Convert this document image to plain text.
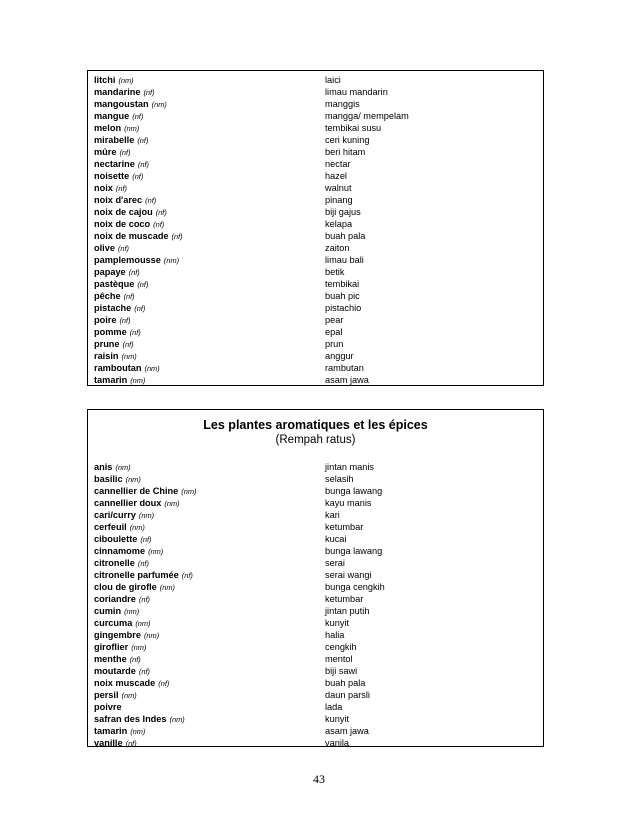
litchi (nm)	laici
mandarine (nf)	limau mandarin
mangoustan (nm)	manggis
mangue (nf)	mangga/ mempelam
melon (nm)	tembikai susu
mirabelle (nf)	ceri kuning
mûre (nf)	beri hitam
nectarine (nf)	nectar
noisette (nf)	hazel
noix (nf)	walnut
noix d'arec (nf)	pinang
noix de cajou (nf)	biji gajus
noix de coco (nf)	kelapa
noix de muscade (nf)	buah pala
olive (nf)	zaiton
pamplemousse (nm)	limau bali
papaye (nf)	betik
pastèque (nf)	tembikai
pêche (nf)	buah pic
pistache (nf)	pistachio
poire (nf)	pear
pomme (nf)	epal
prune (nf)	prun
raisin (nm)	anggur
ramboutan (nm)	rambutan
tamarin (nm)	asam jawa
Les plantes aromatiques et les épices
(Rempah ratus)
anis (nm)	jintan manis
basilic (nm)	selasih
cannellier de Chine (nm)	bunga lawang
cannellier doux (nm)	kayu manis
cari/curry (nm)	kari
cerfeuil (nm)	ketumbar
ciboulette (nf)	kucai
cinnamome (nm)	bunga lawang
citronelle (nf)	serai
citronelle parfumée (nf)	serai wangi
clou de girofle (nm)	bunga cengkih
coriandre (nf)	ketumbar
cumin (nm)	jintan putih
curcuma (nm)	kunyit
gingembre (nm)	halia
giroflier (nm)	cengkih
menthe (nf)	mentol
moutarde (nf)	biji sawi
noix muscade (nf)	buah pala
persil (nm)	daun parsli
poivre	lada
safran des Indes (nm)	kunyit
tamarin (nm)	asam jawa
vanille (nf)	vanila
43
